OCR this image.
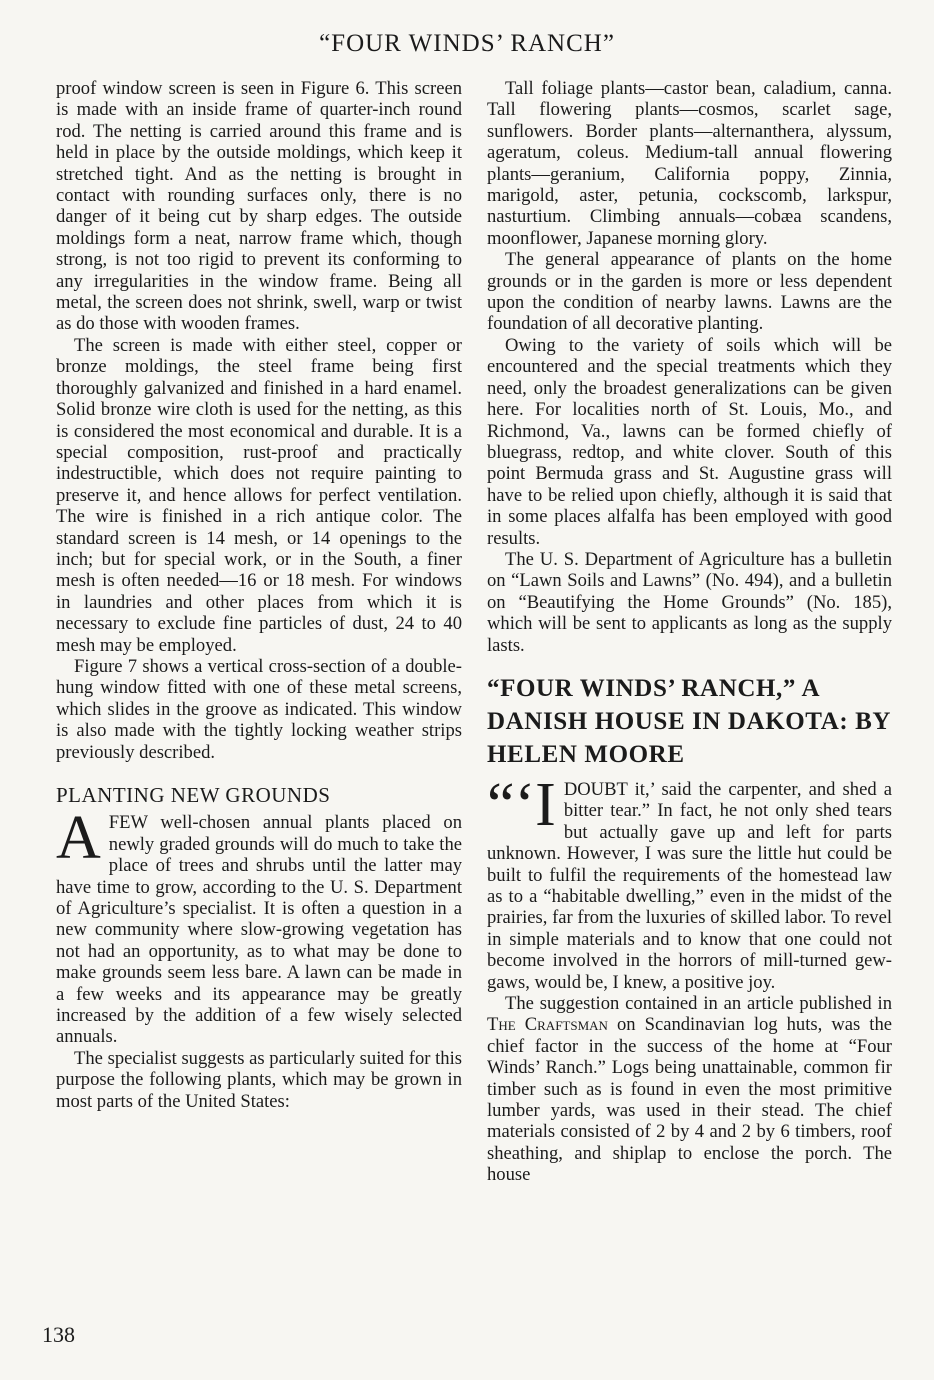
“FOUR WINDS’ RANCH”

proof window screen is seen in Figure 6. This screen is made with an inside frame of quarter-inch round rod. The netting is carried around this frame and is held in place by the outside moldings, which keep it stretched tight. And as the netting is brought in contact with rounding surfaces only, there is no danger of it being cut by sharp edges. The outside moldings form a neat, narrow frame which, though strong, is not too rigid to prevent its conforming to any irregularities in the window frame. Being all metal, the screen does not shrink, swell, warp or twist as do those with wooden frames.

The screen is made with either steel, copper or bronze moldings, the steel frame being first thoroughly galvanized and finished in a hard enamel. Solid bronze wire cloth is used for the netting, as this is considered the most economical and durable. It is a special composition, rust-proof and practically indestructible, which does not require painting to preserve it, and hence allows for perfect ventilation. The wire is finished in a rich antique color. The standard screen is 14 mesh, or 14 openings to the inch; but for special work, or in the South, a finer mesh is often needed—16 or 18 mesh. For windows in laundries and other places from which it is necessary to exclude fine particles of dust, 24 to 40 mesh may be employed.

Figure 7 shows a vertical cross-section of a double-hung window fitted with one of these metal screens, which slides in the groove as indicated. This window is also made with the tightly locking weather strips previously described.

PLANTING NEW GROUNDS

AFEW well-chosen annual plants placed on newly graded grounds will do much to take the place of trees and shrubs until the latter may have time to grow, according to the U. S. Department of Agriculture’s specialist. It is often a question in a new community where slow-growing vegetation has not had an opportunity, as to what may be done to make grounds seem less bare. A lawn can be made in a few weeks and its appearance may be greatly increased by the addition of a few wisely selected annuals.

The specialist suggests as particularly suited for this purpose the following plants, which may be grown in most parts of the United States:

Tall foliage plants—castor bean, caladium, canna. Tall flowering plants—cosmos, scarlet sage, sunflowers. Border plants—alternanthera, alyssum, ageratum, coleus. Medium-tall annual flowering plants—geranium, California poppy, Zinnia, marigold, aster, petunia, cockscomb, larkspur, nasturtium. Climbing annuals—cobæa scandens, moonflower, Japanese morning glory.

The general appearance of plants on the home grounds or in the garden is more or less dependent upon the condition of nearby lawns. Lawns are the foundation of all decorative planting.

Owing to the variety of soils which will be encountered and the special treatments which they need, only the broadest generalizations can be given here. For localities north of St. Louis, Mo., and Richmond, Va., lawns can be formed chiefly of bluegrass, redtop, and white clover. South of this point Bermuda grass and St. Augustine grass will have to be relied upon chiefly, although it is said that in some places alfalfa has been employed with good results.

The U. S. Department of Agriculture has a bulletin on “Lawn Soils and Lawns” (No. 494), and a bulletin on “Beautifying the Home Grounds” (No. 185), which will be sent to applicants as long as the supply lasts.

“FOUR WINDS’ RANCH,” A DANISH HOUSE IN DAKOTA: BY HELEN MOORE

“‘I DOUBT it,’ said the carpenter, and shed a bitter tear.” In fact, he not only shed tears but actually gave up and left for parts unknown. However, I was sure the little hut could be built to fulfil the requirements of the homestead law as to a “habitable dwelling,” even in the midst of the prairies, far from the luxuries of skilled labor. To revel in simple materials and to know that one could not become involved in the horrors of mill-turned gew-gaws, would be, I knew, a positive joy.

The suggestion contained in an article published in The Craftsman on Scandinavian log huts, was the chief factor in the success of the home at “Four Winds’ Ranch.” Logs being unattainable, common fir timber such as is found in even the most primitive lumber yards, was used in their stead. The chief materials consisted of 2 by 4 and 2 by 6 timbers, roof sheathing, and shiplap to enclose the porch. The house

138
